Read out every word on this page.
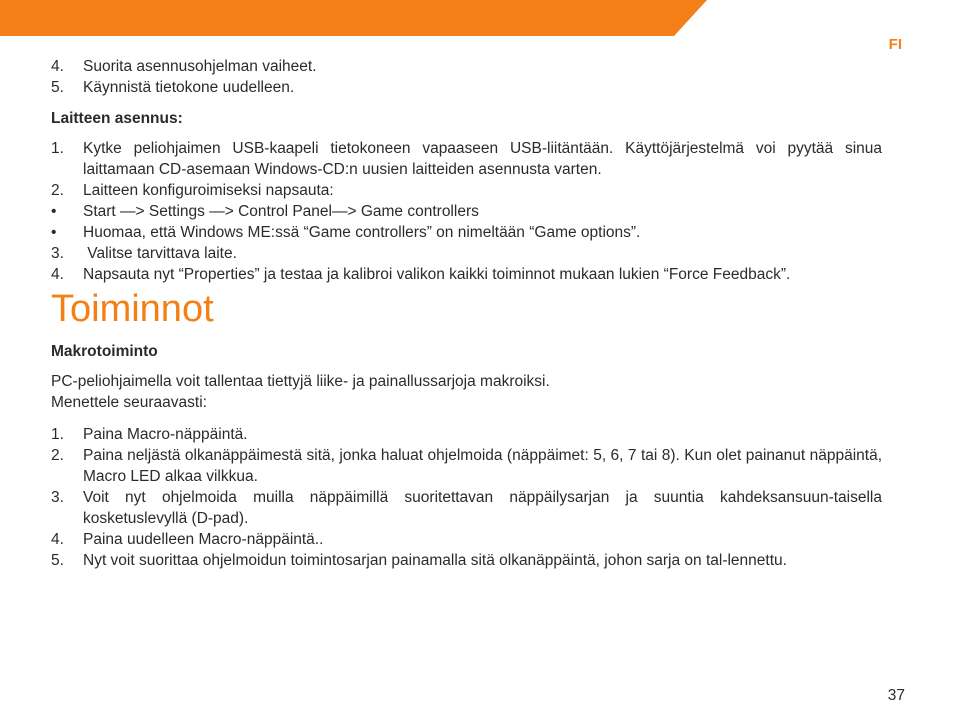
FI
4. Suorita asennusohjelman vaiheet.
5. Käynnistä tietokone uudelleen.
Laitteen asennus:
1. Kytke peliohjaimen USB-kaapeli tietokoneen vapaaseen USB-liitäntään. Käyttöjärjestelmä voi pyytää sinua laittamaan CD-asemaan Windows-CD:n uusien laitteiden asennusta varten.
2. Laitteen konfiguroimiseksi napsauta:
• Start —> Settings —> Control Panel—> Game controllers
• Huomaa, että Windows ME:ssä “Game controllers” on nimeltään “Game options”.
3. Valitse tarvittava laite.
4. Napsauta nyt “Properties” ja testaa ja kalibroi valikon kaikki toiminnot mukaan lukien “Force Feedback”.
Toiminnot
Makrotoiminto
PC-peliohjaimella voit tallentaa tiettyjä liike- ja painallussarjoja makroiksi.
Menettele seuraavasti:
1. Paina Macro-näppäintä.
2. Paina neljästä olkanäppäimestä sitä, jonka haluat ohjelmoida (näppäimet: 5, 6, 7 tai 8). Kun olet painanut näppäintä, Macro LED alkaa vilkkua.
3. Voit nyt ohjelmoida muilla näppäimillä suoritettavan näppäilysarjan ja suuntia kahdeksansuun-taisella kosketuslevyllä (D-pad).
4. Paina uudelleen Macro-näppäintä..
5. Nyt voit suorittaa ohjelmoidun toimintosarjan painamalla sitä olkanäppäintä, johon sarja on tal-lennettu.
37
